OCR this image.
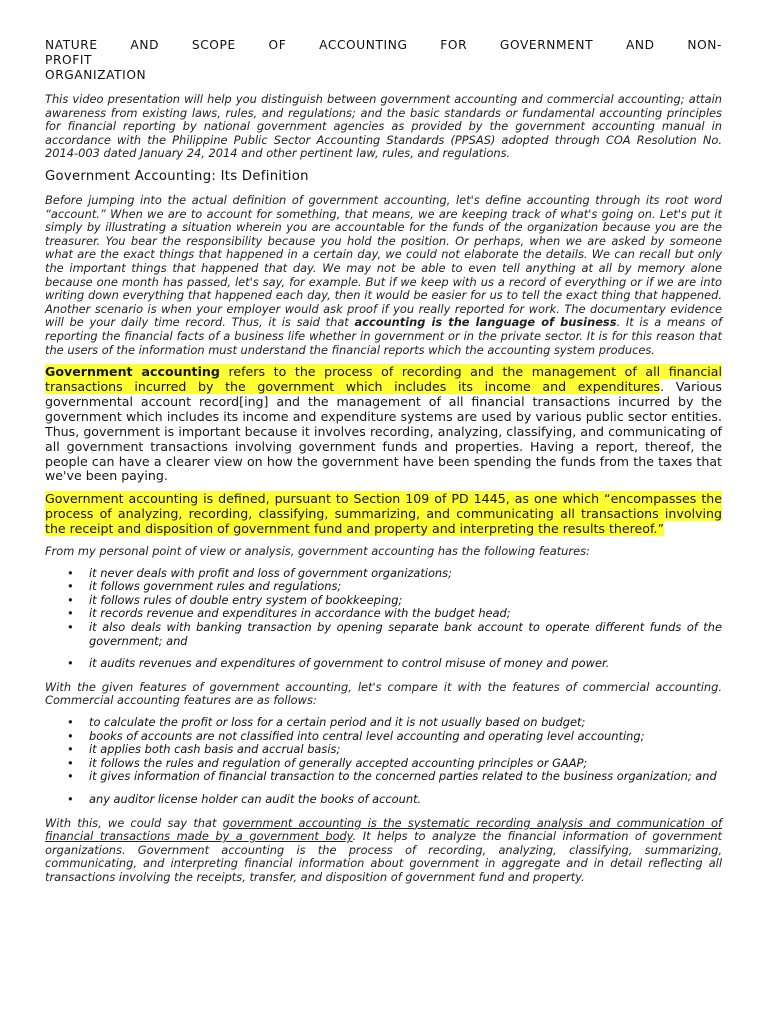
NATURE AND SCOPE OF ACCOUNTING FOR GOVERNMENT AND NON-PROFIT
ORGANIZATION

This video presentation will help you distinguish between government accounting and commercial accounting; attain awareness from existing laws, rules, and regulations; and the basic standards or fundamental accounting principles for financial reporting by national government agencies as provided by the government accounting manual in accordance with the Philippine Public Sector Accounting Standards (PPSAS) adopted through COA Resolution No. 2014-003 dated January 24, 2014 and other pertinent law, rules, and regulations.

Government Accounting: Its Definition

Before jumping into the actual definition of government accounting, let's define accounting through its root word “account.” When we are to account for something, that means, we are keeping track of what's going on. Let's put it simply by illustrating a situation wherein you are accountable for the funds of the organization because you are the treasurer. You bear the responsibility because you hold the position. Or perhaps, when we are asked by someone what are the exact things that happened in a certain day, we could not elaborate the details. We can recall but only the important things that happened that day. We may not be able to even tell anything at all by memory alone because one month has passed, let's say, for example. But if we keep with us a record of everything or if we are into writing down everything that happened each day, then it would be easier for us to tell the exact thing that happened. Another scenario is when your employer would ask proof if you really reported for work. The documentary evidence will be your daily time record. Thus, it is said that accounting is the language of business. It is a means of reporting the financial facts of a business life whether in government or in the private sector. It is for this reason that the users of the information must understand the financial reports which the accounting system produces.

Government accounting refers to the process of recording and the management of all financial transactions incurred by the government which includes its income and expenditures. Various governmental account record[ing] and the management of all financial transactions incurred by the government which includes its income and expenditure systems are used by various public sector entities. Thus, government is important because it involves recording, analyzing, classifying, and communicating of all government transactions involving government funds and properties. Having a report, thereof, the people can have a clearer view on how the government have been spending the funds from the taxes that we've been paying.

Government accounting is defined, pursuant to Section 109 of PD 1445, as one which “encompasses the process of analyzing, recording, classifying, summarizing, and communicating all transactions involving the receipt and disposition of government fund and property and interpreting the results thereof.”

From my personal point of view or analysis, government accounting has the following features:

• it never deals with profit and loss of government organizations;
• it follows government rules and regulations;
• it follows rules of double entry system of bookkeeping;
• it records revenue and expenditures in accordance with the budget head;
• it also deals with banking transaction by opening separate bank account to operate different funds of the government; and
• it audits revenues and expenditures of government to control misuse of money and power.

With the given features of government accounting, let's compare it with the features of commercial accounting. Commercial accounting features are as follows:

• to calculate the profit or loss for a certain period and it is not usually based on budget;
• books of accounts are not classified into central level accounting and operating level accounting;
• it applies both cash basis and accrual basis;
• it follows the rules and regulation of generally accepted accounting principles or GAAP;
• it gives information of financial transaction to the concerned parties related to the business organization; and
• any auditor license holder can audit the books of account.

With this, we could say that government accounting is the systematic recording analysis and communication of financial transactions made by a government body. It helps to analyze the financial information of government organizations. Government accounting is the process of recording, analyzing, classifying, summarizing, communicating, and interpreting financial information about government in aggregate and in detail reflecting all transactions involving the receipts, transfer, and disposition of government fund and property.
